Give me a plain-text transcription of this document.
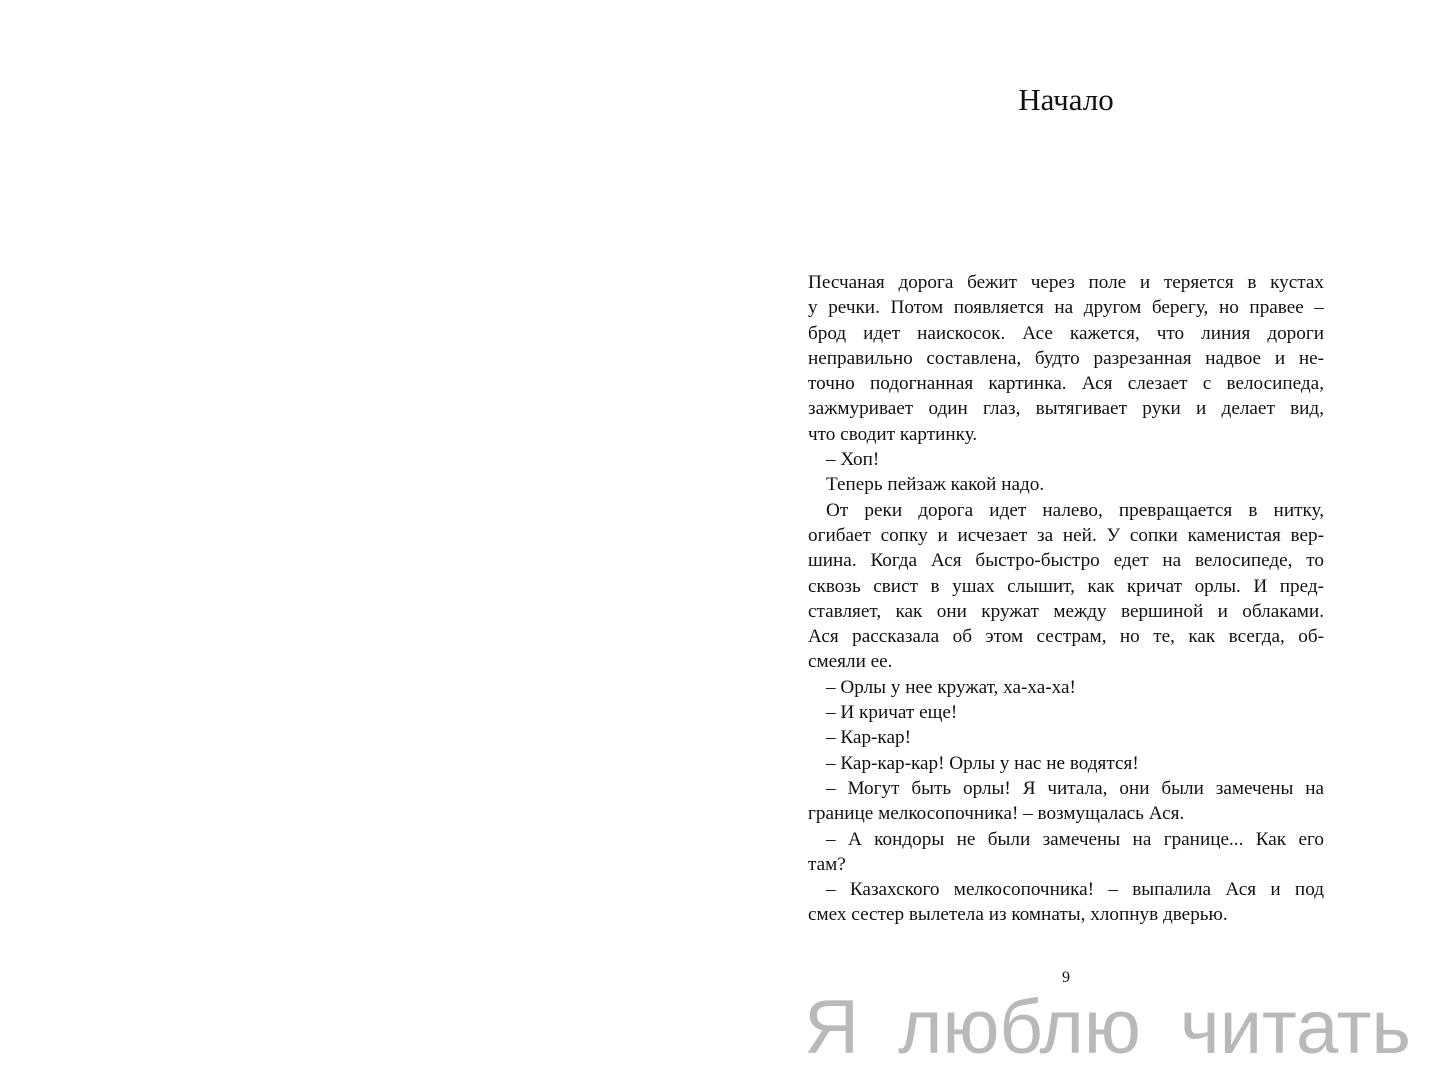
Начало
Песчаная дорога бежит через поле и теряется в кустах
у речки. Потом появляется на другом берегу, но правее –
брод идет наискосок. Асе кажется, что линия дороги
неправильно составлена, будто разрезанная надвое и не-
точно подогнанная картинка. Ася слезает с велосипеда,
зажмуривает один глаз, вытягивает руки и делает вид,
что сводит картинку.
– Хоп!
Теперь пейзаж какой надо.
От реки дорога идет налево, превращается в нитку,
огибает сопку и исчезает за ней. У сопки каменистая вер-
шина. Когда Ася быстро-быстро едет на велосипеде, то
сквозь свист в ушах слышит, как кричат орлы. И пред-
ставляет, как они кружат между вершиной и облаками.
Ася рассказала об этом сестрам, но те, как всегда, об-
смеяли ее.
– Орлы у нее кружат, ха-ха-ха!
– И кричат еще!
– Кар-кар!
– Кар-кар-кар! Орлы у нас не водятся!
– Могут быть орлы! Я читала, они были замечены на
границе мелкосопочника! – возмущалась Ася.
– А кондоры не были замечены на границе... Как его
там?
– Казахского мелкосопочника! – выпалила Ася и под
смех сестер вылетела из комнаты, хлопнув дверью.
9
Я люблю читать
